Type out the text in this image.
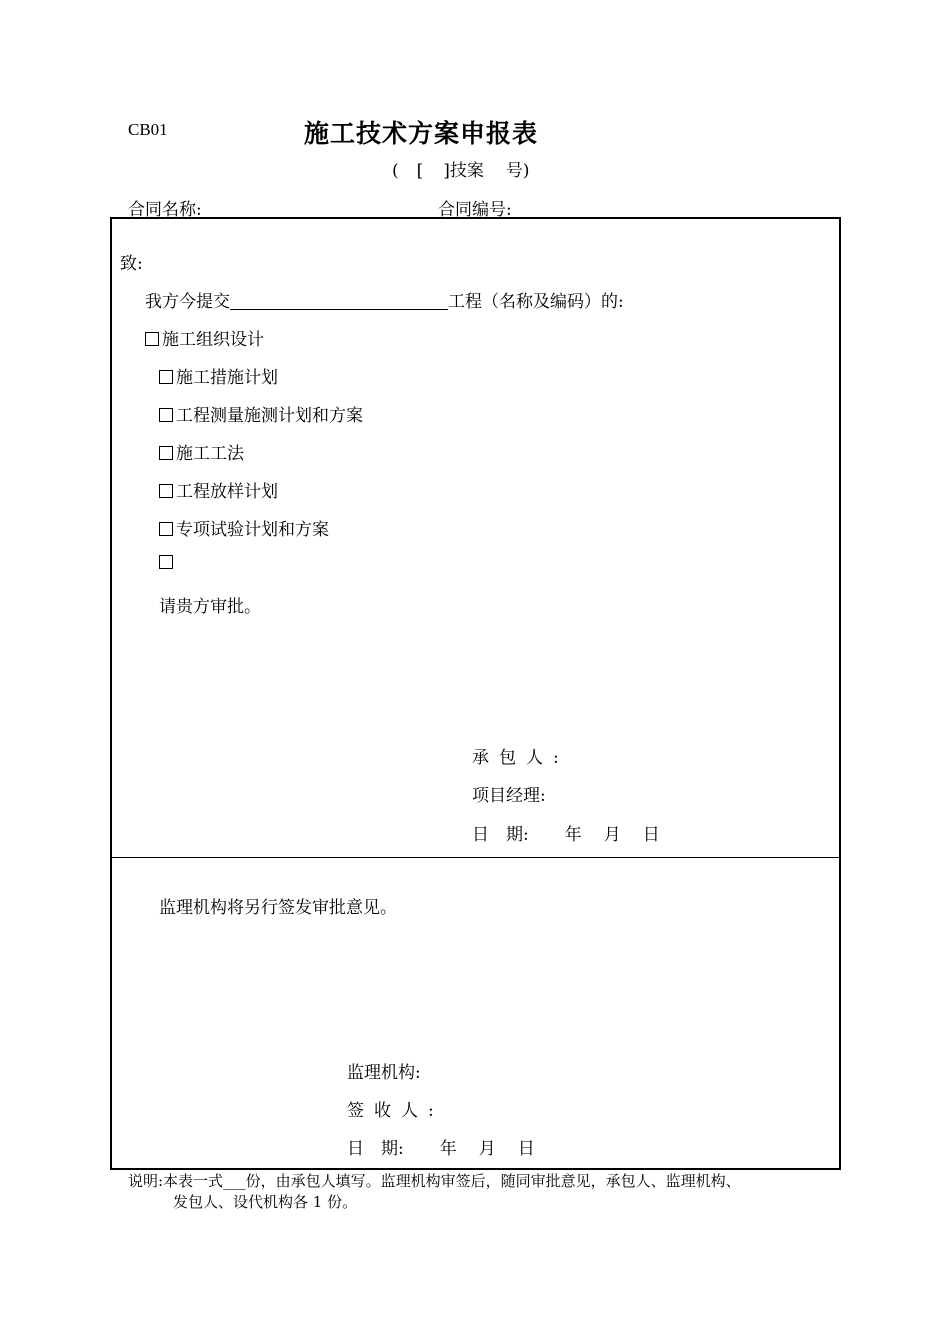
CB01	施工技术方案申报表
( [ ]技案 号)
合同名称:	合同编号:
致:
我方今提交	工程（名称及编码）的:
施工组织设计
施工措施计划
工程测量施测计划和方案
施工工法
工程放样计划
专项试验计划和方案
请贵方审批。
承包人:
项目经理:
日　期: 年 月 日
监理机构将另行签发审批意见。
监理机构:
签收人:
日　期: 年 月 日
说明:本表一式___份，由承包人填写。监理机构审签后，随同审批意见，承包人、监理机构、
发包人、设代机构各 1 份。
